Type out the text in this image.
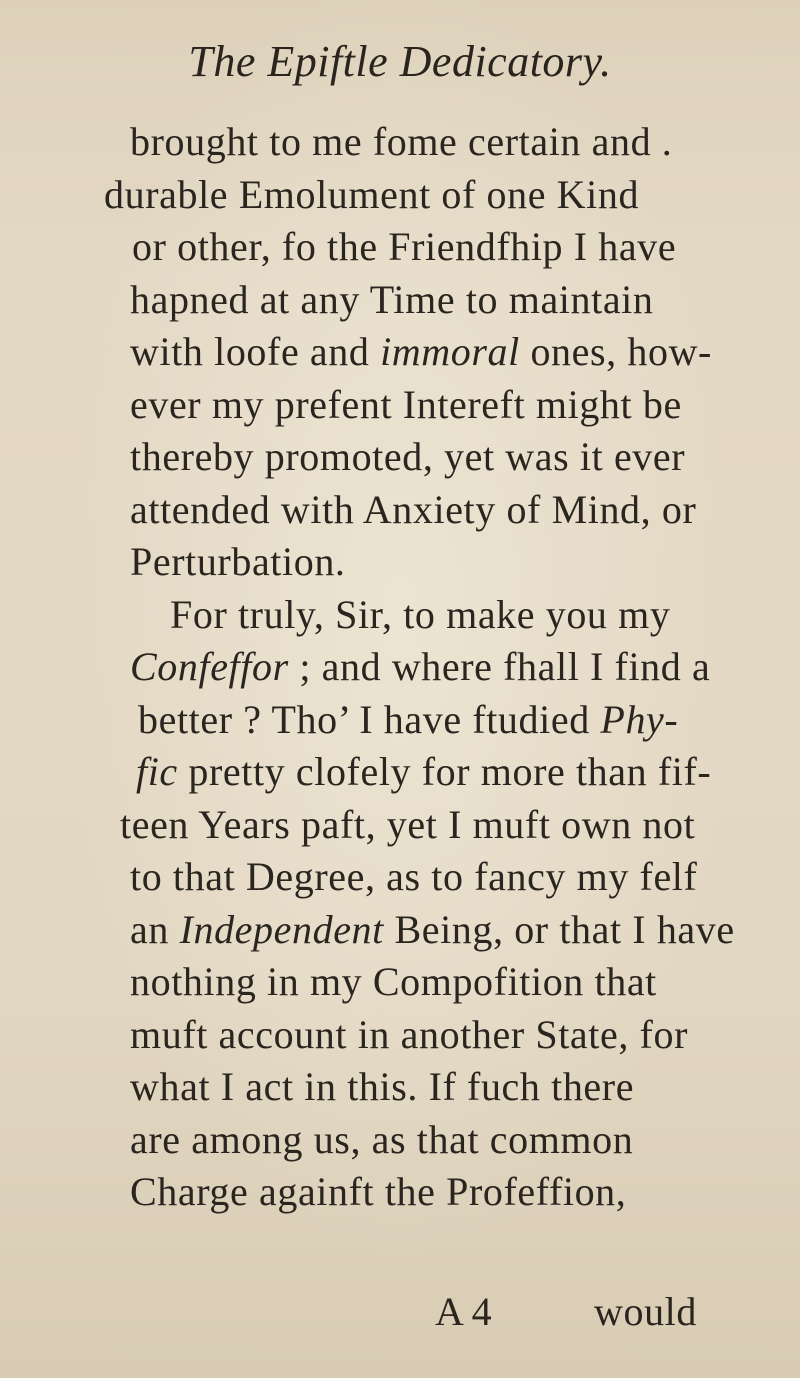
The Epiftle Dedicatory.
brought to me fome certain and .
durable Emolument of one Kind
or other, fo the Friendfhip I have
hapned at any Time to maintain
with loofe and immoral ones, how-
ever my prefent Intereft might be
thereby promoted, yet was it ever
attended with Anxiety of Mind, or
Perturbation.
For truly, Sir, to make you my
Confeffor ; and where fhall I find a
better ? Tho’ I have ftudied Phy-
fic pretty clofely for more than fif-
teen Years paft, yet I muft own not
to that Degree, as to fancy my felf
an Independent Being, or that I have
nothing in my Compofition that
muft account in another State, for
what I act in this. If fuch there
are among us, as that common
Charge againft the Profeffion,
A 4	would
